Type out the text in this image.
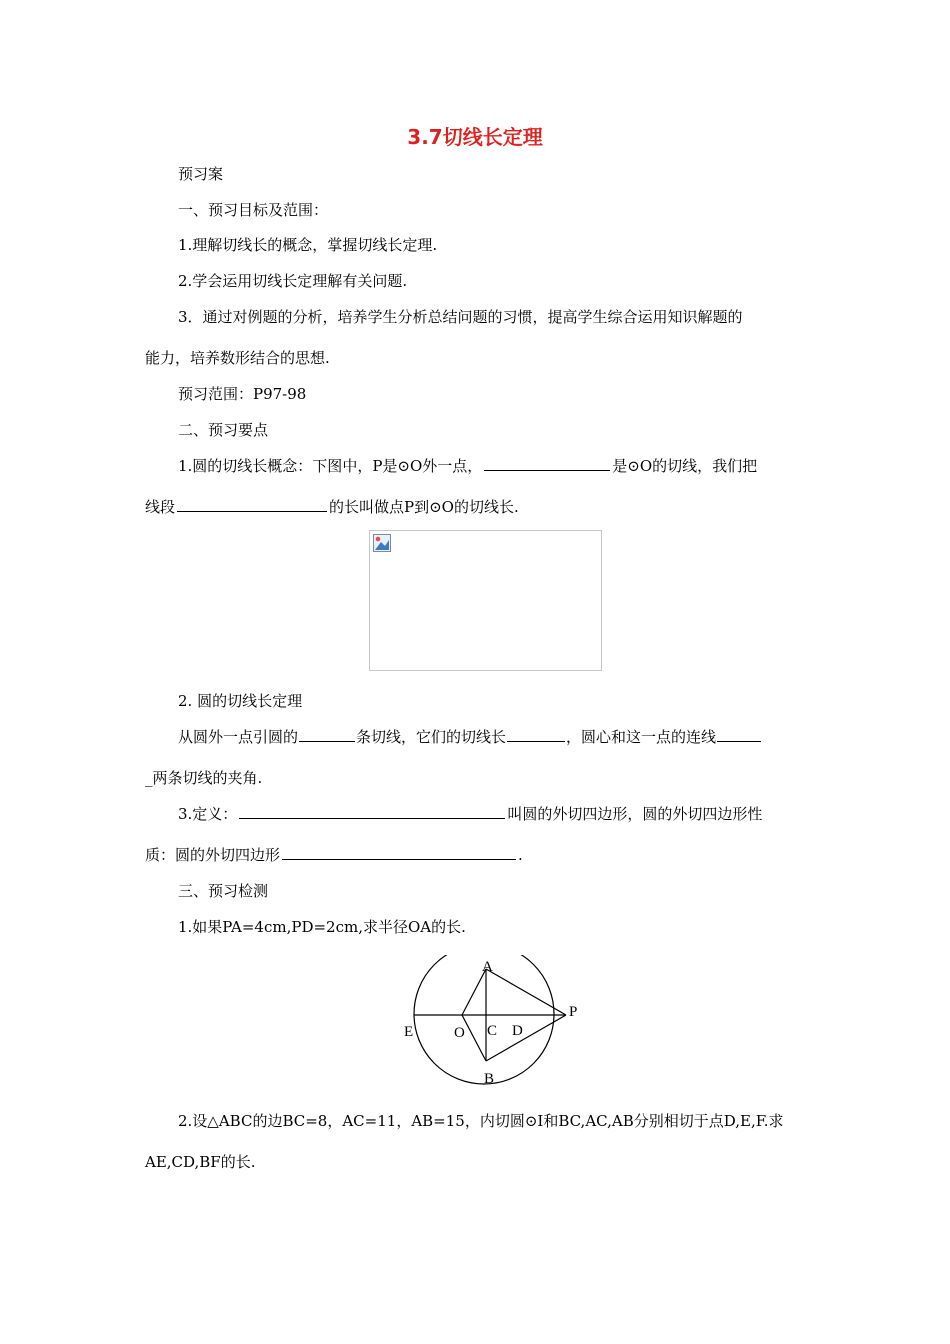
3.7切线长定理
预习案
一、预习目标及范围：
1.理解切线长的概念，掌握切线长定理.
2.学会运用切线长定理解有关问题.
3．通过对例题的分析，培养学生分析总结问题的习惯，提高学生综合运用知识解题的
能力，培养数形结合的思想.
预习范围：P97-98
二、预习要点
1.圆的切线长概念：下图中，P是⊙O外一点，	是⊙O的切线，我们把
线段	的长叫做点P到⊙O的切线长.
2. 圆的切线长定理
从圆外一点引圆的	条切线，它们的切线长	，圆心和这一点的连线
_两条切线的夹角.
3.定义：	叫圆的外切四边形，圆的外切四边形性
质：圆的外切四边形	.
三、预习检测
1.如果PA=4cm,PD=2cm,求半径OA的长.
A
B
C D
E	O
P
2.设△ABC的边BC=8，AC=11，AB=15，内切圆⊙I和BC,AC,AB分别相切于点D,E,F.求
AE,CD,BF的长.
